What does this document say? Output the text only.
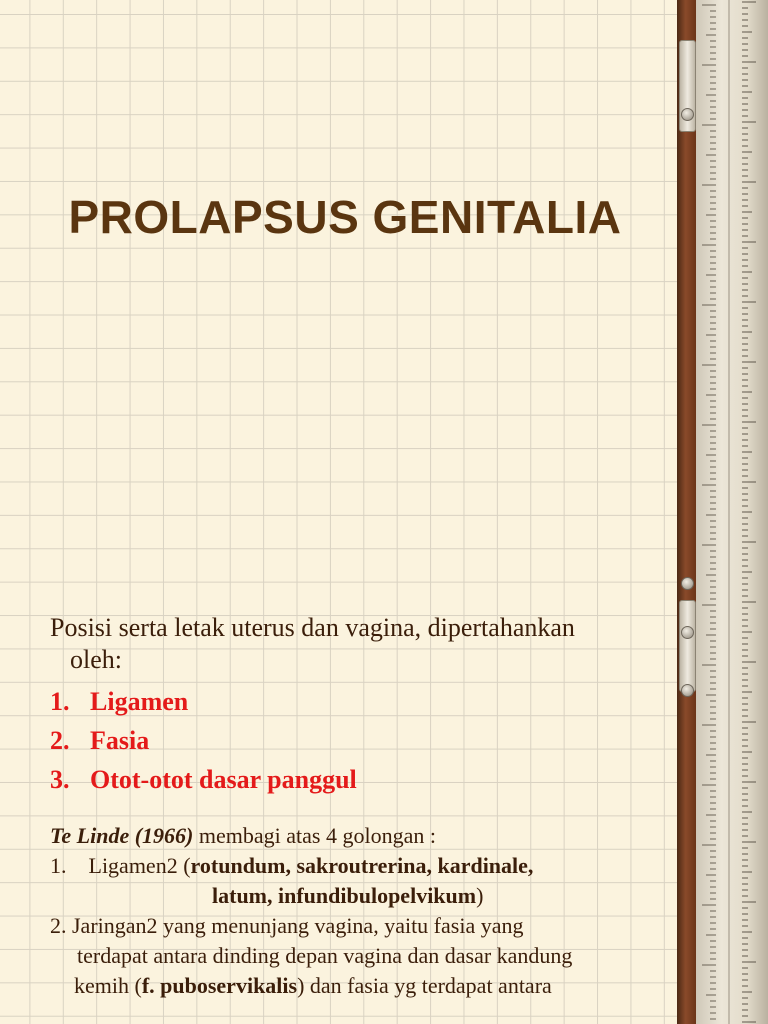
PROLAPSUS GENITALIA

Posisi serta letak uterus dan vagina, dipertahankan
oleh:

1. Ligamen
2. Fasia
3. Otot-otot dasar panggul

Te Linde (1966) membagi atas 4 golongan :

1. Ligamen2 (rotundum, sakroutrerina, kardinale,
latum, infundibulopelvikum)

2. Jaringan2 yang menunjang vagina, yaitu fasia yang
terdapat antara dinding depan vagina dan dasar kandung
kemih (f. puboservikalis) dan fasia yg terdapat antara
